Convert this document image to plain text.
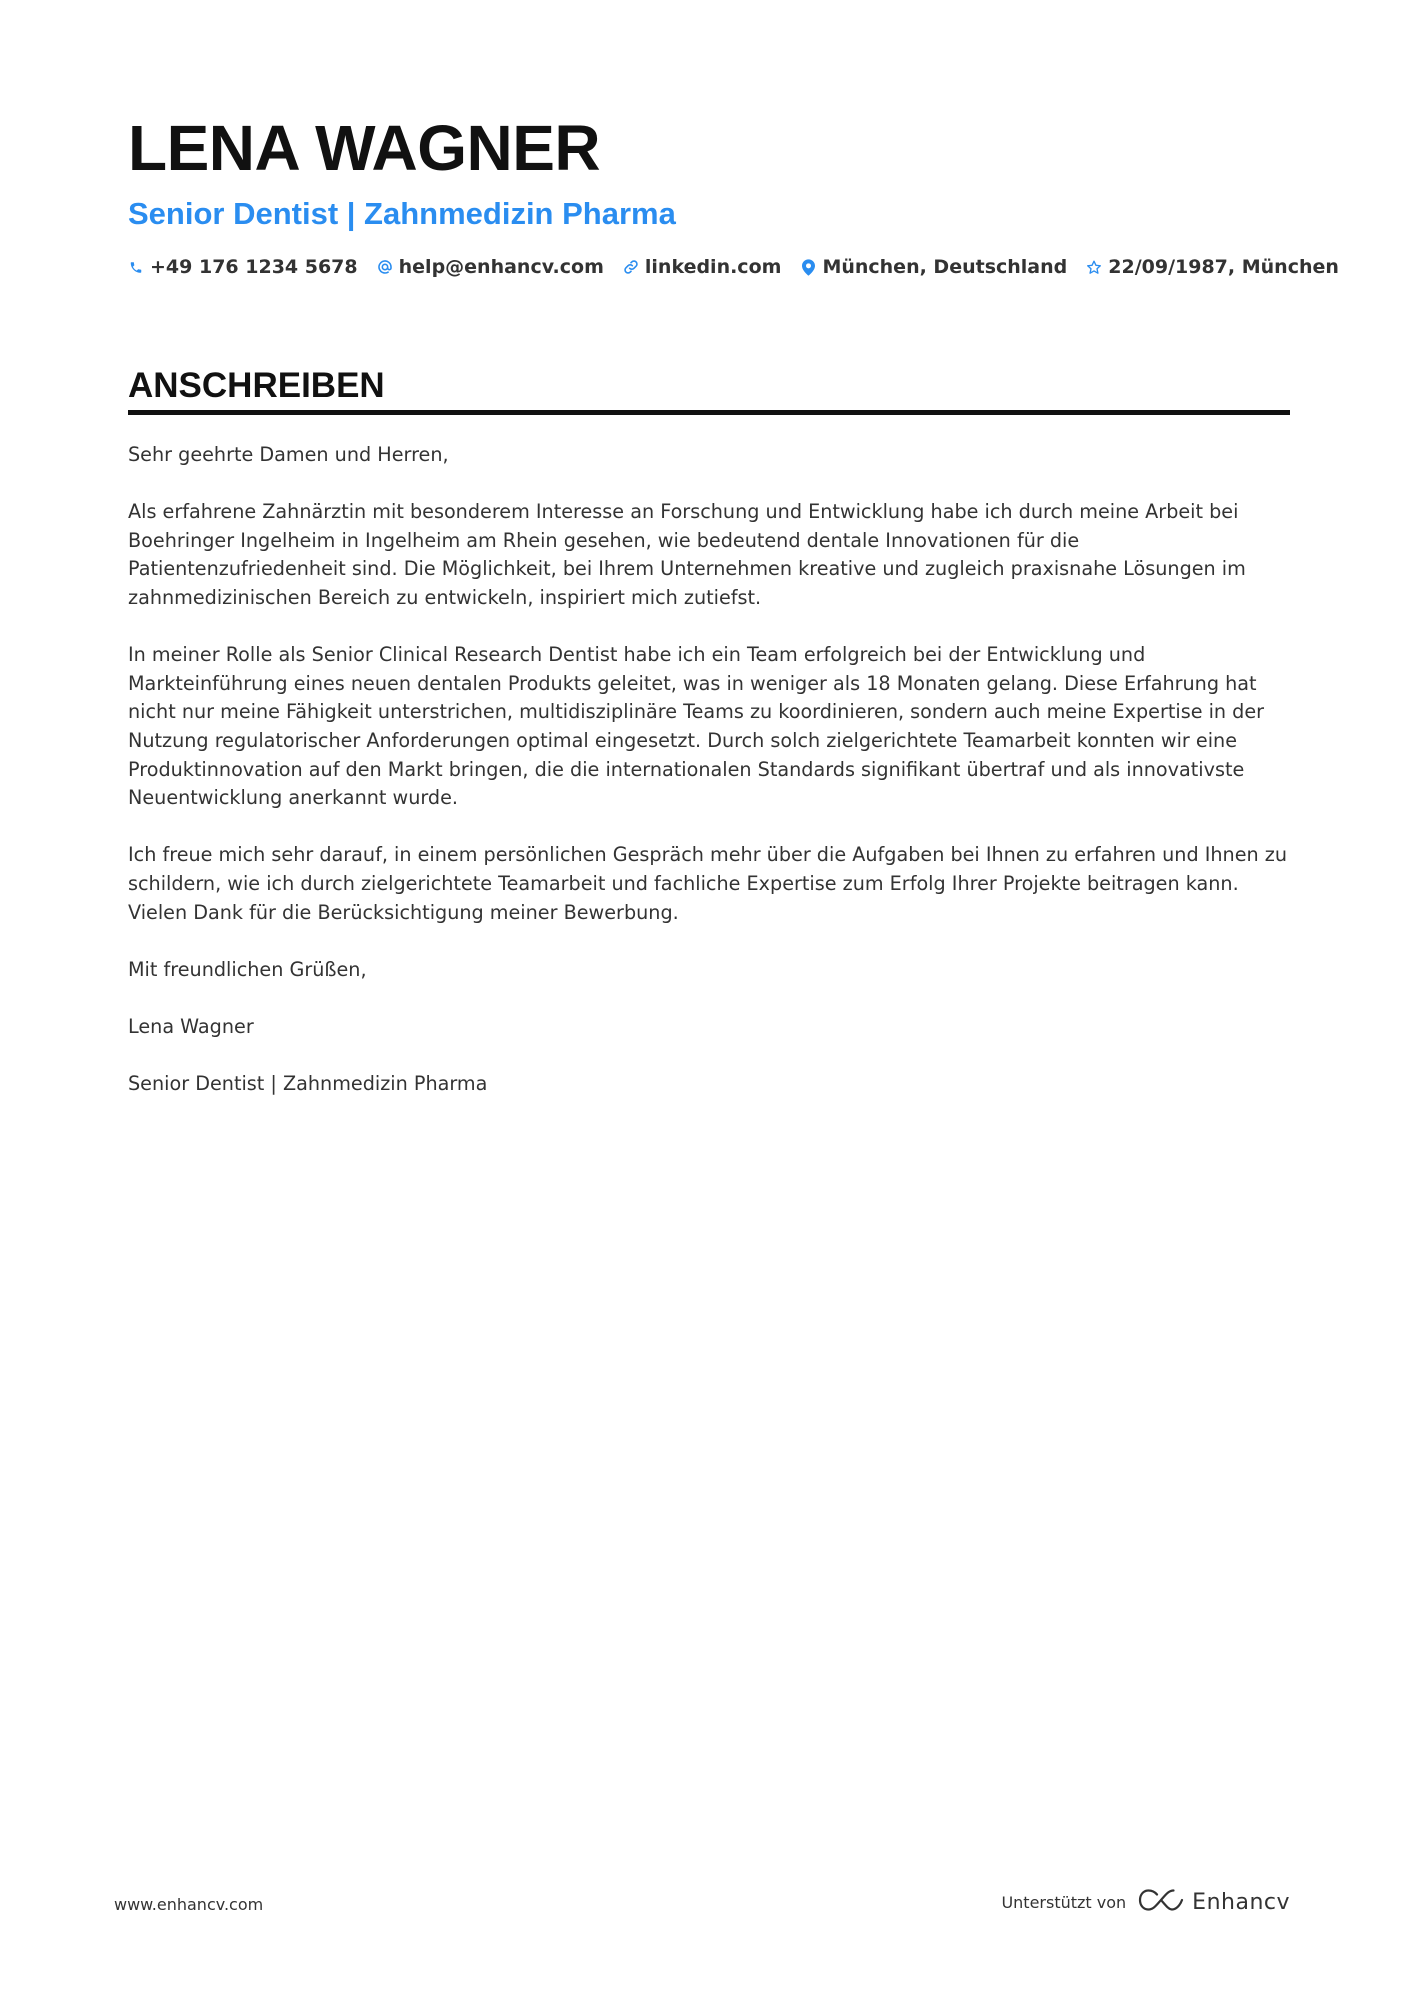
LENA WAGNER
Senior Dentist | Zahnmedizin Pharma
+49 176 1234 5678 help@enhancv.com linkedin.com München, Deutschland 22/09/1987, München
ANSCHREIBEN

Sehr geehrte Damen und Herren,

Als erfahrene Zahnärztin mit besonderem Interesse an Forschung und Entwicklung habe ich durch meine Arbeit bei Boehringer Ingelheim in Ingelheim am Rhein gesehen, wie bedeutend dentale Innovationen für die Patientenzufriedenheit sind. Die Möglichkeit, bei Ihrem Unternehmen kreative und zugleich praxisnahe Lösungen im zahnmedizinischen Bereich zu entwickeln, inspiriert mich zutiefst.

In meiner Rolle als Senior Clinical Research Dentist habe ich ein Team erfolgreich bei der Entwicklung und Markteinführung eines neuen dentalen Produkts geleitet, was in weniger als 18 Monaten gelang. Diese Erfahrung hat nicht nur meine Fähigkeit unterstrichen, multidisziplinäre Teams zu koordinieren, sondern auch meine Expertise in der Nutzung regulatorischer Anforderungen optimal eingesetzt. Durch solch zielgerichtete Teamarbeit konnten wir eine Produktinnovation auf den Markt bringen, die die internationalen Standards signifikant übertraf und als innovativste Neuentwicklung anerkannt wurde.

Ich freue mich sehr darauf, in einem persönlichen Gespräch mehr über die Aufgaben bei Ihnen zu erfahren und Ihnen zu schildern, wie ich durch zielgerichtete Teamarbeit und fachliche Expertise zum Erfolg Ihrer Projekte beitragen kann. Vielen Dank für die Berücksichtigung meiner Bewerbung.

Mit freundlichen Grüßen,

Lena Wagner

Senior Dentist | Zahnmedizin Pharma

www.enhancv.com	Unterstützt von	Enhancv
